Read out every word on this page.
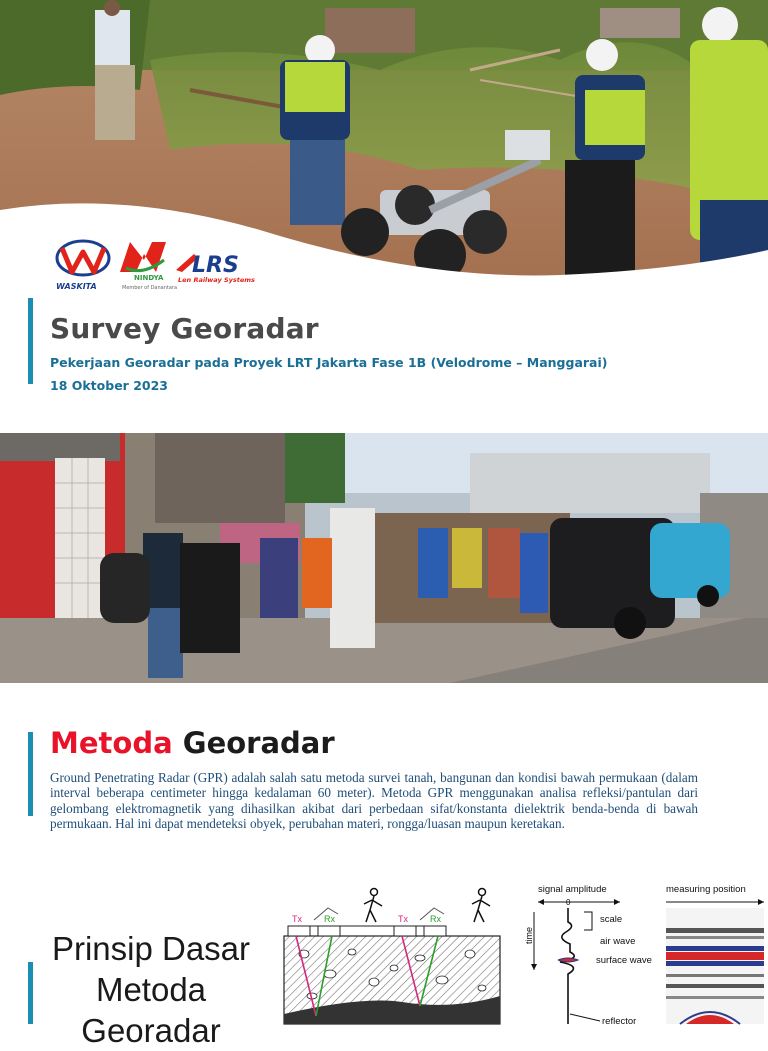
WASKITA
NINDYA
Member of Danantara
LRS
Len Railway Systems
Survey Georadar
Pekerjaan Georadar pada Proyek LRT Jakarta Fase 1B (Velodrome – Manggarai)
18 Oktober 2023
Metoda Georadar

Ground Penetrating Radar (GPR) adalah salah satu metoda survei tanah, bangunan dan kondisi bawah permukaan (dalam interval beberapa centimeter hingga kedalaman 60 meter). Metoda GPR menggunakan analisa refleksi/pantulan dari gelombang elektromagnetik yang dihasilkan akibat dari perbedaan sifat/konstanta dielektrik benda-benda di bawah permukaan. Hal ini dapat mendeteksi obyek, perubahan materi, rongga/luasan maupun keretakan.

Prinsip Dasar
Metoda
Georadar
Tx Rx	Tx Rx
signal amplitude	measuring position
0
time
scale
air wave
surface wave
reflector
